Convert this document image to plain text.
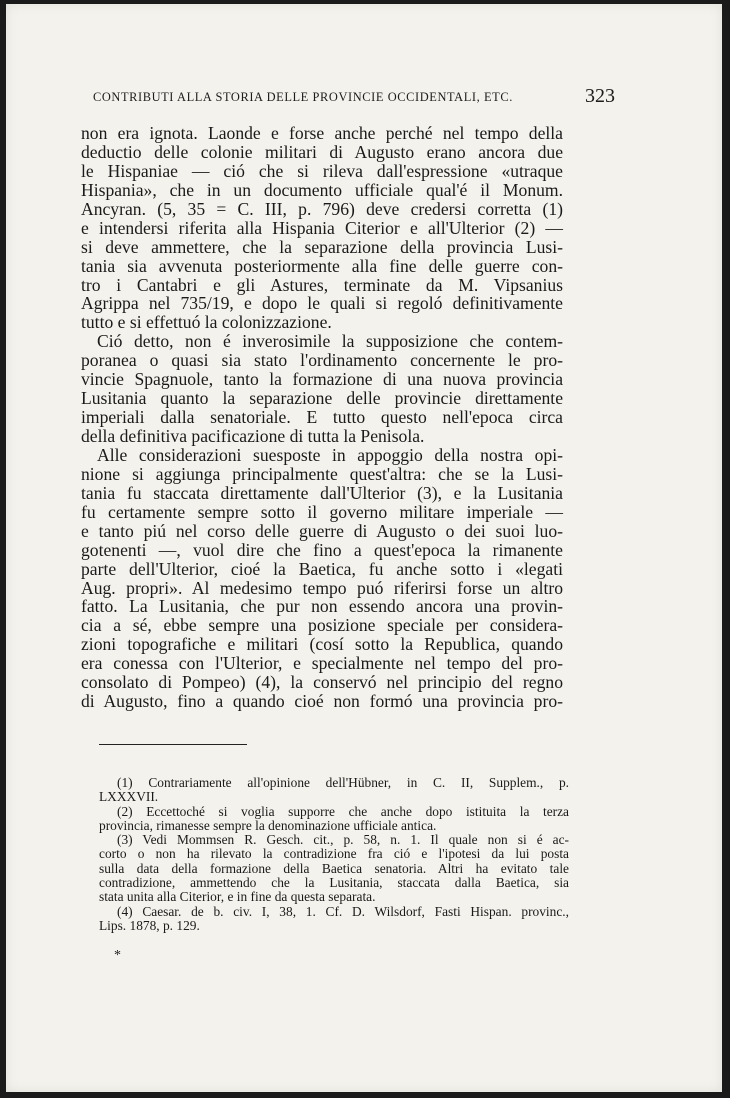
CONTRIBUTI ALLA STORIA DELLE PROVINCIE OCCIDENTALI, ETC.	323
non era ignota. Laonde e forse anche perché nel tempo della
deductio delle colonie militari di Augusto erano ancora due
le Hispaniae — ció che si rileva dall'espressione «utraque
Hispania», che in un documento ufficiale qual'é il Monum.
Ancyran. (5, 35 = C. III, p. 796) deve credersi corretta (1)
e intendersi riferita alla Hispania Citerior e all'Ulterior (2) —
si deve ammettere, che la separazione della provincia Lusi-
tania sia avvenuta posteriormente alla fine delle guerre con-
tro i Cantabri e gli Astures, terminate da M. Vipsanius
Agrippa nel 735/19, e dopo le quali si regoló definitivamente
tutto e si effettuó la colonizzazione.
Ció detto, non é inverosimile la supposizione che contem-
poranea o quasi sia stato l'ordinamento concernente le pro-
vincie Spagnuole, tanto la formazione di una nuova provincia
Lusitania quanto la separazione delle provincie direttamente
imperiali dalla senatoriale. E tutto questo nell'epoca circa
della definitiva pacificazione di tutta la Penisola.
Alle considerazioni suesposte in appoggio della nostra opi-
nione si aggiunga principalmente quest'altra: che se la Lusi-
tania fu staccata direttamente dall'Ulterior (3), e la Lusitania
fu certamente sempre sotto il governo militare imperiale —
e tanto piú nel corso delle guerre di Augusto o dei suoi luo-
gotenenti —, vuol dire che fino a quest'epoca la rimanente
parte dell'Ulterior, cioé la Baetica, fu anche sotto i «legati
Aug. propri». Al medesimo tempo puó riferirsi forse un altro
fatto. La Lusitania, che pur non essendo ancora una provin-
cia a sé, ebbe sempre una posizione speciale per considera-
zioni topografiche e militari (cosí sotto la Republica, quando
era conessa con l'Ulterior, e specialmente nel tempo del pro-
consolato di Pompeo) (4), la conservó nel principio del regno
di Augusto, fino a quando cioé non formó una provincia pro-
(1) Contrariamente all'opinione dell'Hübner, in C. II, Supplem., p.
LXXXVII.
(2) Eccettoché si voglia supporre che anche dopo istituita la terza
provincia, rimanesse sempre la denominazione ufficiale antica.
(3) Vedi Mommsen R. Gesch. cit., p. 58, n. 1. Il quale non si é ac-
corto o non ha rilevato la contradizione fra ció e l'ipotesi da lui posta
sulla data della formazione della Baetica senatoria. Altri ha evitato tale
contradizione, ammettendo che la Lusitania, staccata dalla Baetica, sia
stata unita alla Citerior, e in fine da questa separata.
(4) Caesar. de b. civ. I, 38, 1. Cf. D. Wilsdorf, Fasti Hispan. provinc.,
Lips. 1878, p. 129.
*
